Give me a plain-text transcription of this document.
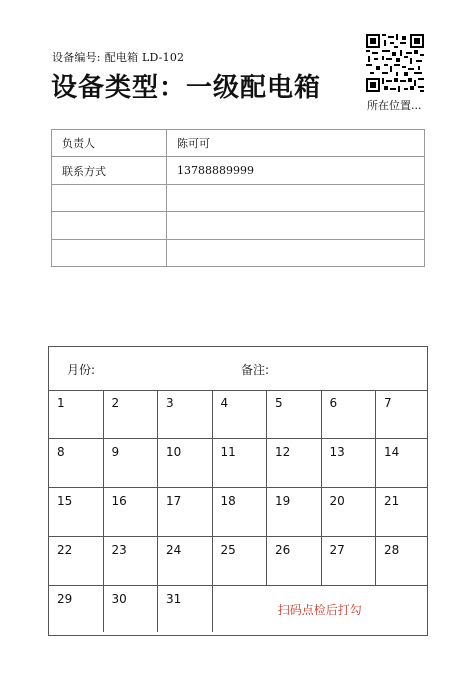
设备编号: 配电箱 LD-102
设备类型：一级配电箱
所在位置...
负责人	陈可可
联系方式	13788889999

月份:	备注:
1	2	3	4	5	6	7
8	9	10	11	12	13	14
15	16	17	18	19	20	21
22	23	24	25	26	27	28
29	30	31
扫码点检后打勾
